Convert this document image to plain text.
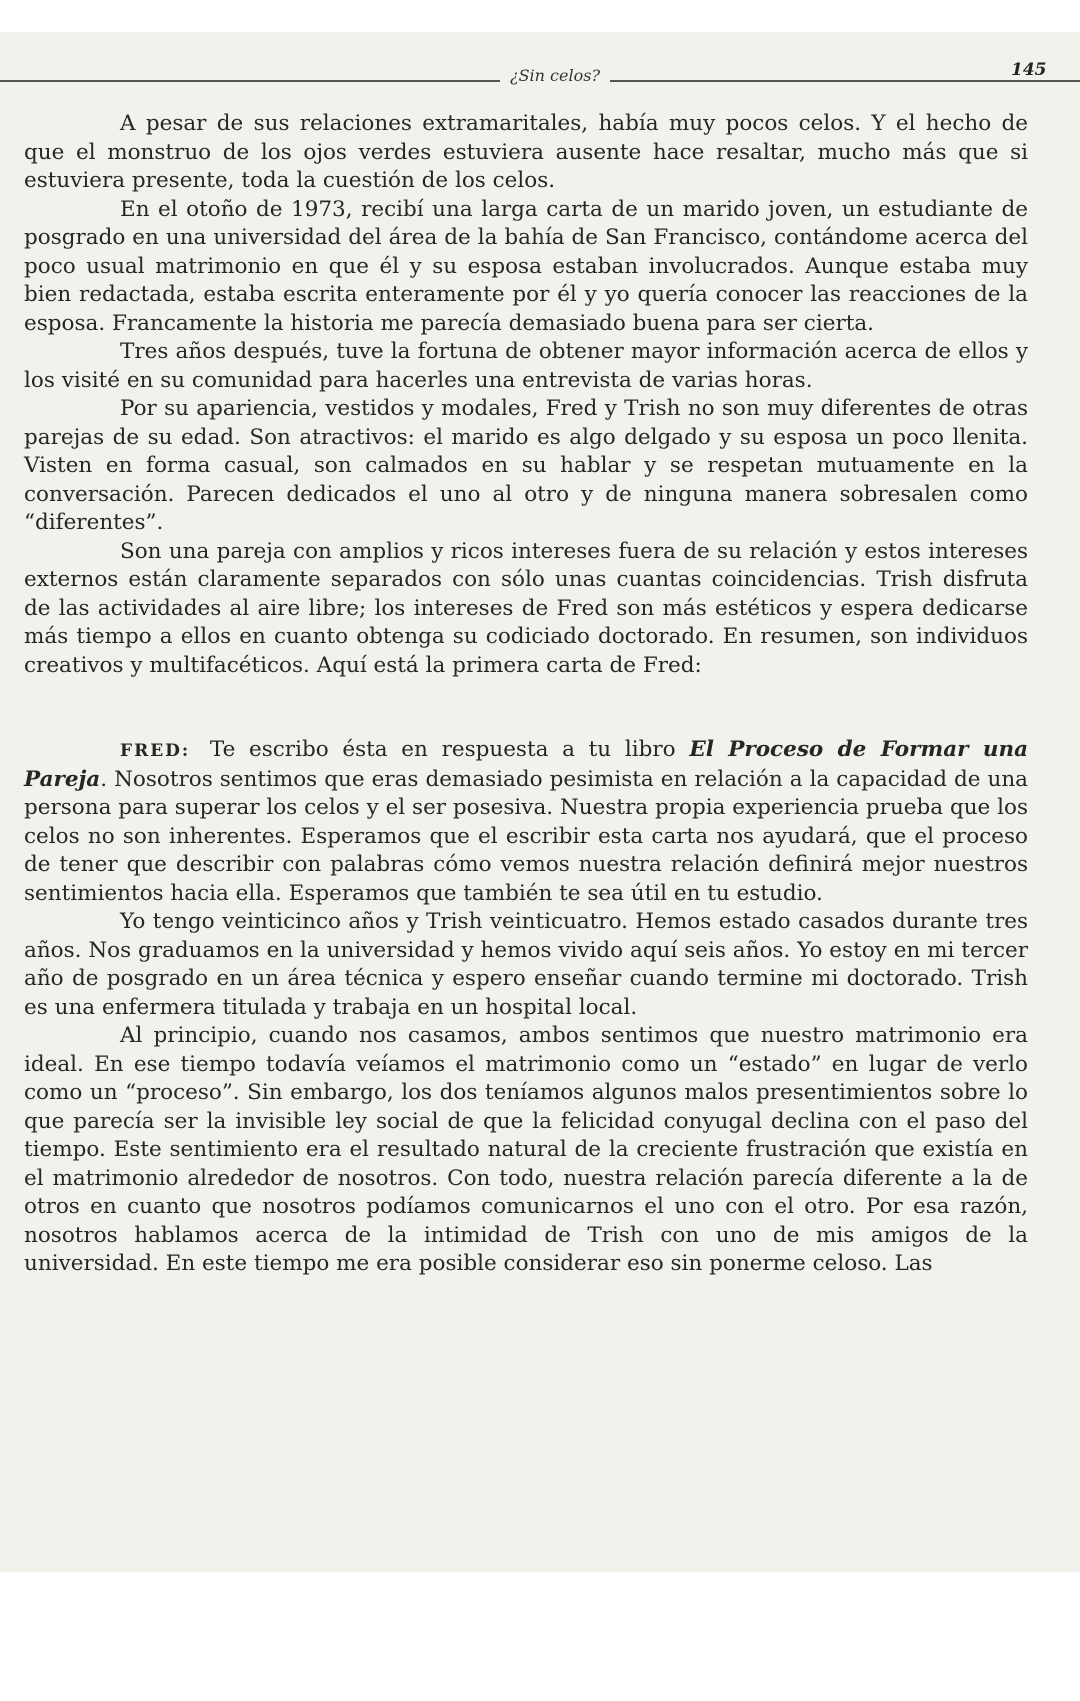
¿Sin celos?	145

A pesar de sus relaciones extramaritales, había muy pocos celos. Y el hecho de que el monstruo de los ojos verdes estuviera ausente hace resaltar, mucho más que si estuviera presente, toda la cuestión de los celos.

En el otoño de 1973, recibí una larga carta de un marido joven, un estudiante de posgrado en una universidad del área de la bahía de San Francisco, contándome acerca del poco usual matrimonio en que él y su esposa estaban involucrados. Aunque estaba muy bien redactada, estaba escrita enteramente por él y yo quería conocer las reacciones de la esposa. Francamente la historia me parecía demasiado buena para ser cierta.

Tres años después, tuve la fortuna de obtener mayor información acerca de ellos y los visité en su comunidad para hacerles una entrevista de varias horas.

Por su apariencia, vestidos y modales, Fred y Trish no son muy diferentes de otras parejas de su edad. Son atractivos: el marido es algo delgado y su esposa un poco llenita. Visten en forma casual, son calmados en su hablar y se respetan mutuamente en la conversación. Parecen dedicados el uno al otro y de ninguna manera sobresalen como “diferentes”.

Son una pareja con amplios y ricos intereses fuera de su relación y estos intereses externos están claramente separados con sólo unas cuantas coincidencias. Trish disfruta de las actividades al aire libre; los intereses de Fred son más estéticos y espera dedicarse más tiempo a ellos en cuanto obtenga su codiciado doctorado. En resumen, son individuos creativos y multifacéticos. Aquí está la primera carta de Fred:

FRED: Te escribo ésta en respuesta a tu libro El Proceso de Formar una Pareja. Nosotros sentimos que eras demasiado pesimista en relación a la capacidad de una persona para superar los celos y el ser posesiva. Nuestra propia experiencia prueba que los celos no son inherentes. Esperamos que el escribir esta carta nos ayudará, que el proceso de tener que describir con palabras cómo vemos nuestra relación definirá mejor nuestros sentimientos hacia ella. Esperamos que también te sea útil en tu estudio.

Yo tengo veinticinco años y Trish veinticuatro. Hemos estado casados durante tres años. Nos graduamos en la universidad y hemos vivido aquí seis años. Yo estoy en mi tercer año de posgrado en un área técnica y espero enseñar cuando termine mi doctorado. Trish es una enfermera titulada y trabaja en un hospital local.

Al principio, cuando nos casamos, ambos sentimos que nuestro matrimonio era ideal. En ese tiempo todavía veíamos el matrimonio como un “estado” en lugar de verlo como un “proceso”. Sin embargo, los dos teníamos algunos malos presentimientos sobre lo que parecía ser la invisible ley social de que la felicidad conyugal declina con el paso del tiempo. Este sentimiento era el resultado natural de la creciente frustración que existía en el matrimonio alrededor de nosotros. Con todo, nuestra relación parecía diferente a la de otros en cuanto que nosotros podíamos comunicarnos el uno con el otro. Por esa razón, nosotros hablamos acerca de la intimidad de Trish con uno de mis amigos de la universidad. En este tiempo me era posible considerar eso sin ponerme celoso. Las
